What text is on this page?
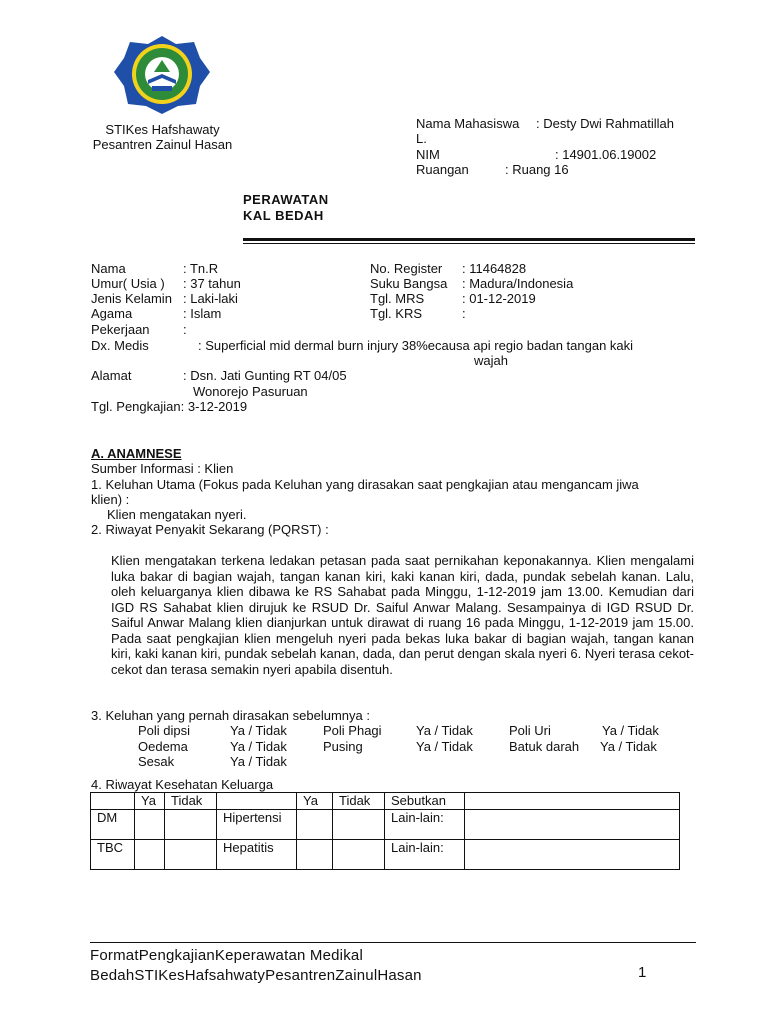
STIKes Hafshawaty
Pesantren Zainul Hasan
Nama Mahasiswa : Desty Dwi Rahmatillah
L.
NIM	: 14901.06.19002
Ruangan	: Ruang 16
PERAWATAN
KAL BEDAH
Nama	: Tn.R
Umur( Usia ) : 37 tahun
Jenis Kelamin : Laki-laki
Agama	: Islam
Pekerjaan	:
No. Register : 11464828
Suku Bangsa : Madura/Indonesia
Tgl. MRS	: 01-12-2019
Tgl. KRS	:
Dx. Medis	: Superficial mid dermal burn injury 38%ecausa api regio badan tangan kaki
wajah
Alamat	: Dsn. Jati Gunting RT 04/05
Wonorejo Pasuruan
Tgl. Pengkajian: 3-12-2019
A. ANAMNESE
Sumber Informasi : Klien
1. Keluhan Utama (Fokus pada Keluhan yang dirasakan saat pengkajian atau mengancam jiwa
klien) :
Klien mengatakan nyeri.
2. Riwayat Penyakit Sekarang (PQRST) :
Klien mengatakan terkena ledakan petasan pada saat pernikahan keponakannya. Klien mengalami luka bakar di bagian wajah, tangan kanan kiri, kaki kanan kiri, dada, pundak sebelah kanan. Lalu, oleh keluarganya klien dibawa ke RS Sahabat pada Minggu, 1-12-2019 jam 13.00. Kemudian dari IGD RS Sahabat klien dirujuk ke RSUD Dr. Saiful Anwar Malang. Sesampainya di IGD RSUD Dr. Saiful Anwar Malang klien dianjurkan untuk dirawat di ruang 16 pada Minggu, 1-12-2019 jam 15.00. Pada saat pengkajian klien mengeluh nyeri pada bekas luka bakar di bagian wajah, tangan kanan kiri, kaki kanan kiri, pundak sebelah kanan, dada, dan perut dengan skala nyeri 6. Nyeri terasa cekot-cekot dan terasa semakin nyeri apabila disentuh.
3. Keluhan yang pernah dirasakan sebelumnya :
Poli dipsi	Ya / Tidak	Poli Phagi	Ya / Tidak	Poli Uri	Ya / Tidak
Oedema	Ya / Tidak	Pusing	Ya / Tidak	Batuk darah Ya / Tidak
Sesak	Ya / Tidak
4. Riwayat Kesehatan Keluarga
	Ya	Tidak		Ya	Tidak	Sebutkan	
DM			Hipertensi			Lain-lain:	
TBC			Hepatitis			Lain-lain:	
FormatPengkajianKeperawatan Medikal
BedahSTIKesHafsahwatyPesantrenZainulHasan	1
